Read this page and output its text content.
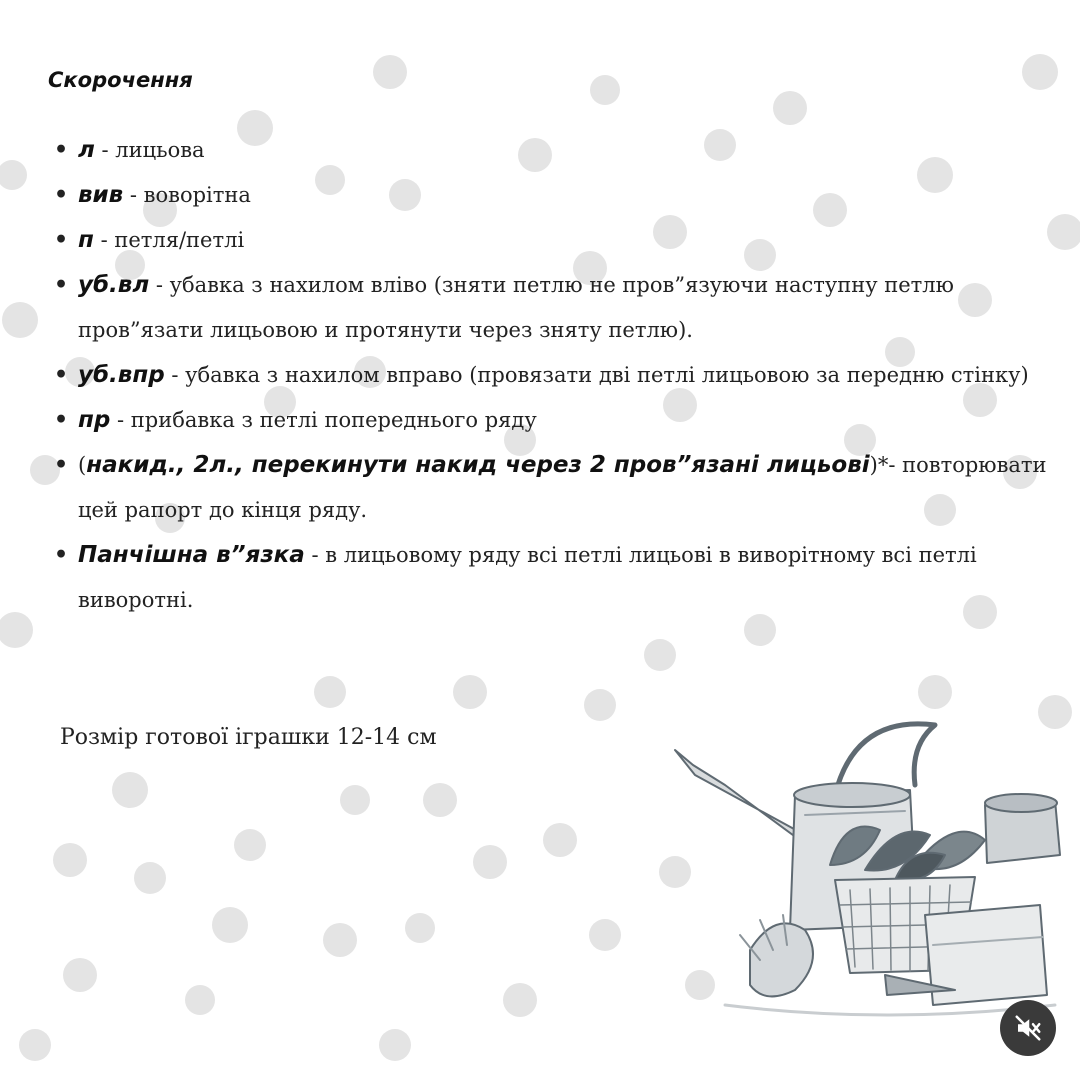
Скорочення
• л - лицьова
• вив - воворітна
• п - петля/петлі
• уб.вл - убавка з нахилом вліво (зняти петлю не пров”язуючи наступну петлю пров”язати лицьовою и протянути через зняту петлю).
• уб.впр - убавка з нахилом вправо (провязати дві петлі лицьовою за передню стінку)
• пр - прибавка з петлі попереднього ряду
• (накид., 2л., перекинути накид через 2 пров”язані лицьові)*- повторювати цей рапорт до кінця ряду.
• Панчішна в”язка - в лицьовому ряду всі петлі лицьові в виворітному всі петлі виворотні.
Розмір готової іграшки 12-14 см
